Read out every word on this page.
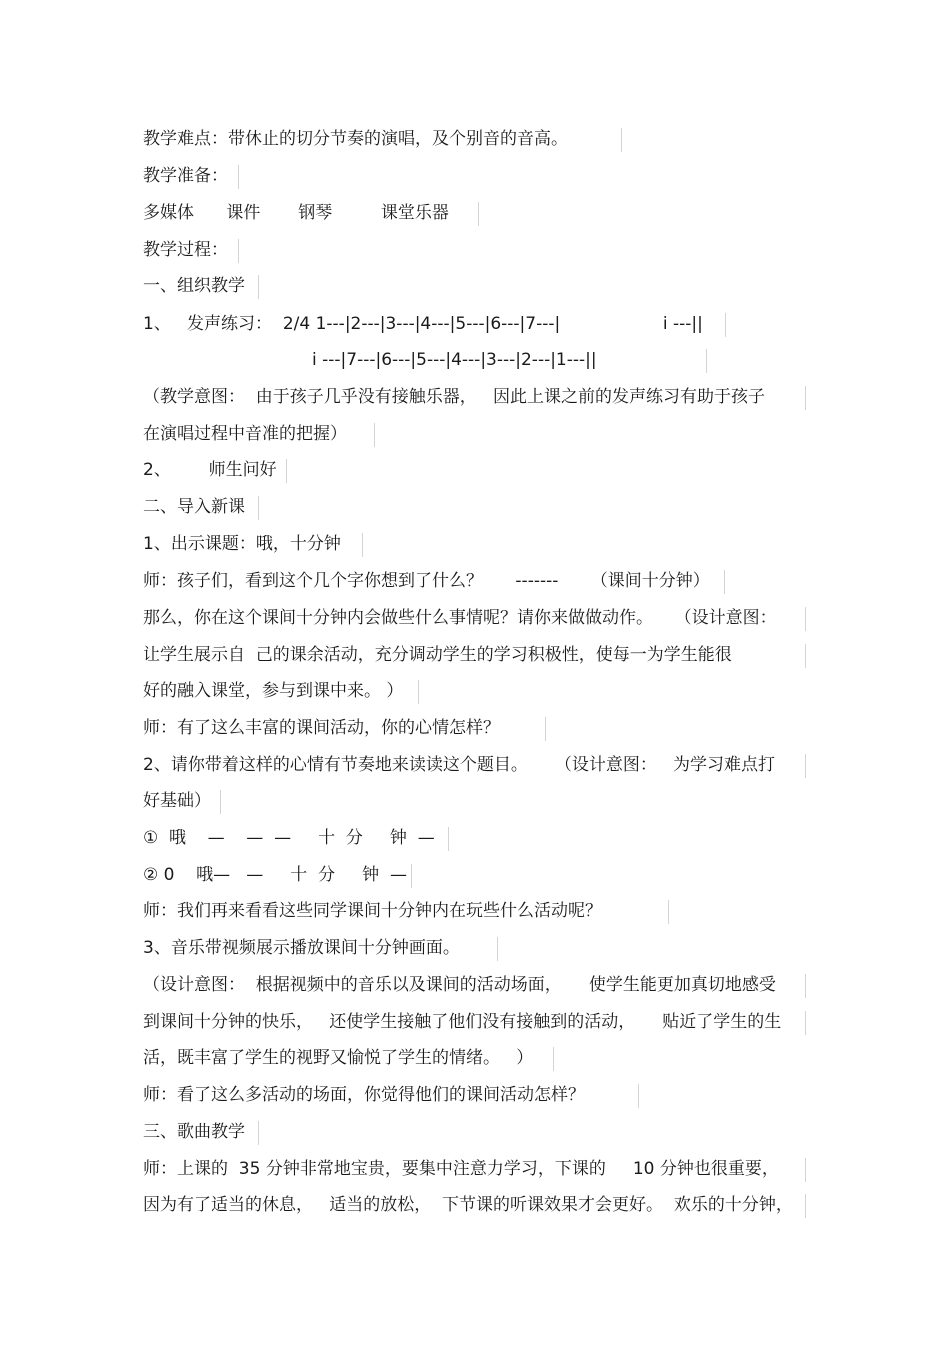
教学难点：带休止的切分节奏的演唱，及个别音的音高。
教学准备：
多媒体      课件       钢琴         课堂乐器
教学过程：
一、组织教学
1、   发声练习：  2/4 1---|2---|3---|4---|5---|6---|7---|                   i ---||
i ---|7---|6---|5---|4---|3---|2---|1---||
（教学意图：  由于孩子几乎没有接触乐器，   因此上课之前的发声练习有助于孩子
在演唱过程中音准的把握）
2、       师生问好
二、导入新课
1、出示课题：哦，十分钟
师：孩子们，看到这个几个字你想到了什么？      -------      （课间十分钟）
那么，你在这个课间十分钟内会做些什么事情呢？请你来做做动作。    （设计意图：
让学生展示自  己的课余活动，充分调动学生的学习积极性，使每一为学生能很
好的融入课堂，参与到课中来。 ）
师：有了这么丰富的课间活动，你的心情怎样？
2、请你带着这样的心情有节奏地来读读这个题目。     （设计意图：   为学习难点打
好基础）
①  哦    —    —  —     十  分     钟  —
② 0    哦—   —     十  分     钟  —
师：我们再来看看这些同学课间十分钟内在玩些什么活动呢？
3、音乐带视频展示播放课间十分钟画面。
（设计意图：  根据视频中的音乐以及课间的活动场面，     使学生能更加真切地感受
到课间十分钟的快乐，   还使学生接触了他们没有接触到的活动，     贴近了学生的生
活，既丰富了学生的视野又愉悦了学生的情绪。   ）
师：看了这么多活动的场面，你觉得他们的课间活动怎样？
三、歌曲教学
师：上课的  35 分钟非常地宝贵，要集中注意力学习，下课的     10 分钟也很重要，
因为有了适当的休息，   适当的放松，  下节课的听课效果才会更好。  欢乐的十分钟，
